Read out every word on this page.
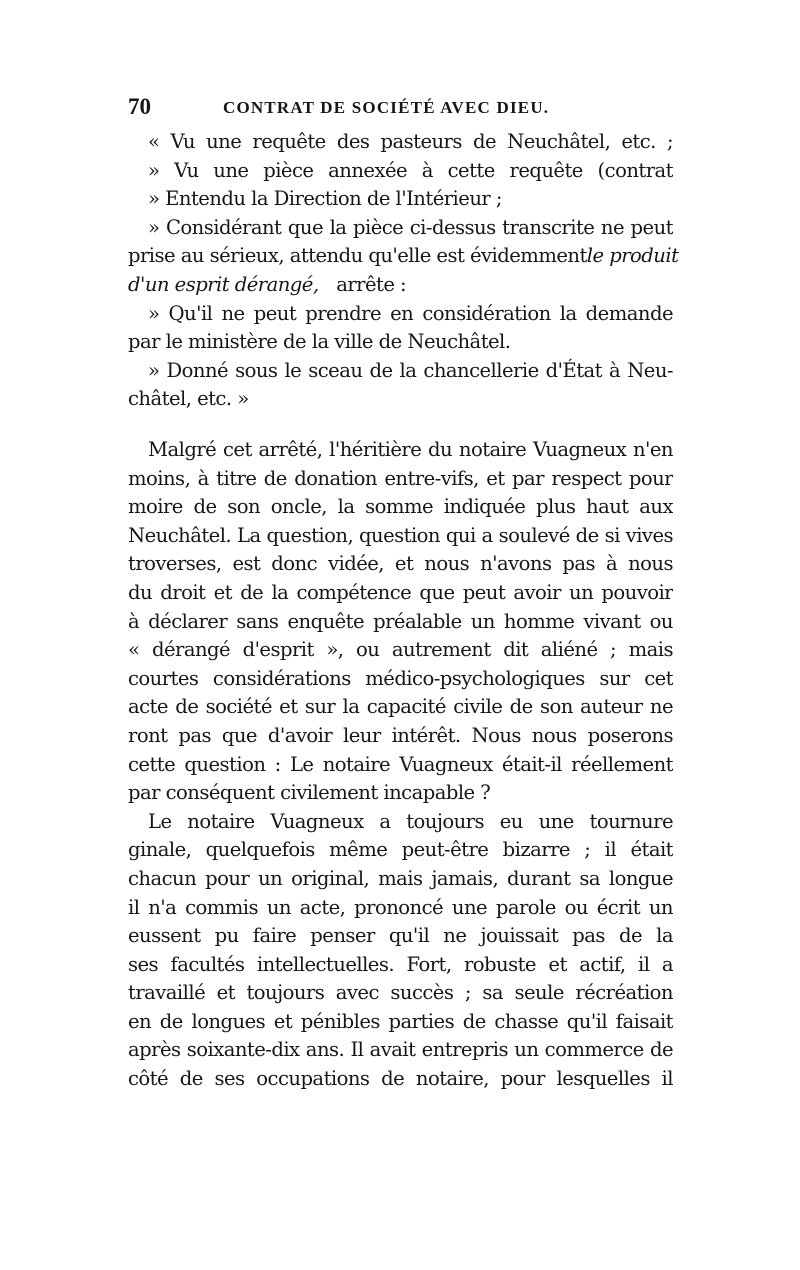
70	CONTRAT DE SOCIÉTÉ AVEC DIEU.
« Vu une requête des pasteurs de Neuchâtel, etc. ;
» Vu une pièce annexée à cette requête (contrat
» Entendu la Direction de l'Intérieur ;
» Considérant que la pièce ci-dessus transcrite ne peut
prise au sérieux, attendu qu'elle est évidemment le produit
d'un esprit dérangé, arrête :
» Qu'il ne peut prendre en considération la demande
par le ministère de la ville de Neuchâtel.
» Donné sous le sceau de la chancellerie d'État à Neu-
châtel, etc. »
Malgré cet arrêté, l'héritière du notaire Vuagneux n'en
moins, à titre de donation entre-vifs, et par respect pour
moire de son oncle, la somme indiquée plus haut aux
Neuchâtel. La question, question qui a soulevé de si vives
troverses, est donc vidée, et nous n'avons pas à nous
du droit et de la compétence que peut avoir un pouvoir
à déclarer sans enquête préalable un homme vivant ou
« dérangé d'esprit », ou autrement dit aliéné ; mais
courtes considérations médico-psychologiques sur cet
acte de société et sur la capacité civile de son auteur ne
ront pas que d'avoir leur intérêt. Nous nous poserons
cette question : Le notaire Vuagneux était-il réellement
par conséquent civilement incapable ?
Le notaire Vuagneux a toujours eu une tournure
ginale, quelquefois même peut-être bizarre ; il était
chacun pour un original, mais jamais, durant sa longue
il n'a commis un acte, prononcé une parole ou écrit un
eussent pu faire penser qu'il ne jouissait pas de la
ses facultés intellectuelles. Fort, robuste et actif, il a
travaillé et toujours avec succès ; sa seule récréation
en de longues et pénibles parties de chasse qu'il faisait
après soixante-dix ans. Il avait entrepris un commerce de
côté de ses occupations de notaire, pour lesquelles il
